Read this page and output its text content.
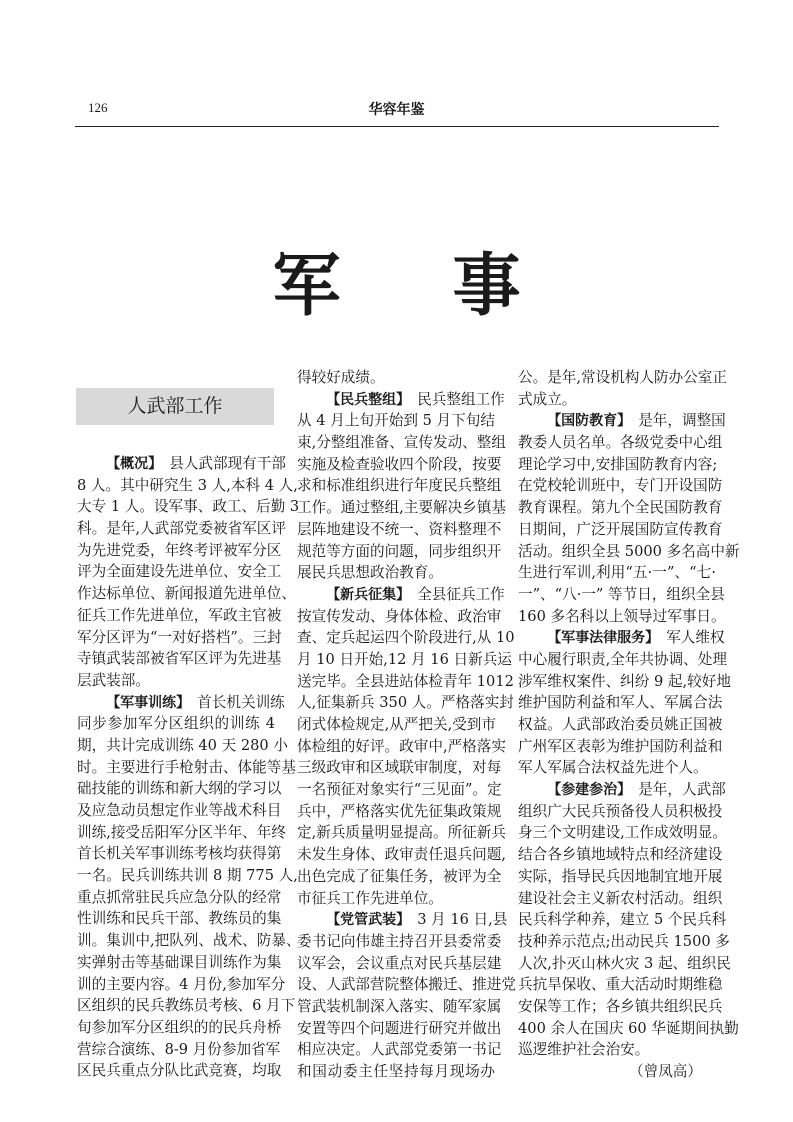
126	华容年鉴
军事
人武部工作
【概况】 县人武部现有干部
8 人。其中研究生 3 人,本科 4 人,
大专 1 人。设军事、政工、后勤 3
科。是年,人武部党委被省军区评
为先进党委，年终考评被军分区
评为全面建设先进单位、安全工
作达标单位、新闻报道先进单位、
征兵工作先进单位，军政主官被
军分区评为“一对好搭档”。三封
寺镇武装部被省军区评为先进基
层武装部。
【军事训练】 首长机关训练
同步参加军分区组织的训练 4
期，共计完成训练 40 天 280 小
时。主要进行手枪射击、体能等基
础技能的训练和新大纲的学习以
及应急动员想定作业等战术科目
训练,接受岳阳军分区半年、年终
首长机关军事训练考核均获得第
一名。民兵训练共训 8 期 775 人,
重点抓常驻民兵应急分队的经常
性训练和民兵干部、教练员的集
训。集训中,把队列、战术、防暴、
实弹射击等基础课目训练作为集
训的主要内容。4 月份,参加军分
区组织的民兵教练员考核、6 月下
旬参加军分区组织的的民兵舟桥
营综合演练、8-9 月份参加省军
区民兵重点分队比武竞赛，均取
得较好成绩。
【民兵整组】 民兵整组工作
从 4 月上旬开始到 5 月下旬结
束,分整组准备、宣传发动、整组
实施及检查验收四个阶段，按要
求和标准组织进行年度民兵整组
工作。通过整组,主要解决乡镇基
层阵地建设不统一、资料整理不
规范等方面的问题，同步组织开
展民兵思想政治教育。
【新兵征集】 全县征兵工作
按宣传发动、身体体检、政治审
查、定兵起运四个阶段进行,从 10
月 10 日开始,12 月 16 日新兵运
送完毕。全县进站体检青年 1012
人,征集新兵 350 人。严格落实封
闭式体检规定,从严把关,受到市
体检组的好评。政审中,严格落实
三级政审和区域联审制度，对每
一名预征对象实行“三见面”。定
兵中，严格落实优先征集政策规
定,新兵质量明显提高。所征新兵
未发生身体、政审责任退兵问题,
出色完成了征集任务，被评为全
市征兵工作先进单位。
【党管武装】 3 月 16 日,县
委书记向伟雄主持召开县委常委
议军会，会议重点对民兵基层建
设、人武部营院整体搬迁、推进党
管武装机制深入落实、随军家属
安置等四个问题进行研究并做出
相应决定。人武部党委第一书记
和国动委主任坚持每月现场办
公。是年,常设机构人防办公室正
式成立。
【国防教育】 是年，调整国
教委人员名单。各级党委中心组
理论学习中,安排国防教育内容;
在党校轮训班中，专门开设国防
教育课程。第九个全民国防教育
日期间，广泛开展国防宣传教育
活动。组织全县 5000 多名高中新
生进行军训,利用“五·一”、“七·
一”、“八·一” 等节日，组织全县
160 多名科以上领导过军事日。
【军事法律服务】 军人维权
中心履行职责,全年共协调、处理
涉军维权案件、纠纷 9 起,较好地
维护国防利益和军人、军属合法
权益。人武部政治委员姚正国被
广州军区表彰为维护国防利益和
军人军属合法权益先进个人。
【参建参治】 是年，人武部
组织广大民兵预备役人员积极投
身三个文明建设,工作成效明显。
结合各乡镇地域特点和经济建设
实际，指导民兵因地制宜地开展
建设社会主义新农村活动。组织
民兵科学种养，建立 5 个民兵科
技种养示范点;出动民兵 1500 多
人次,扑灭山林火灾 3 起、组织民
兵抗旱保收、重大活动时期维稳
安保等工作；各乡镇共组织民兵
400 余人在国庆 60 华诞期间执勤
巡逻维护社会治安。
（曾凤高）
